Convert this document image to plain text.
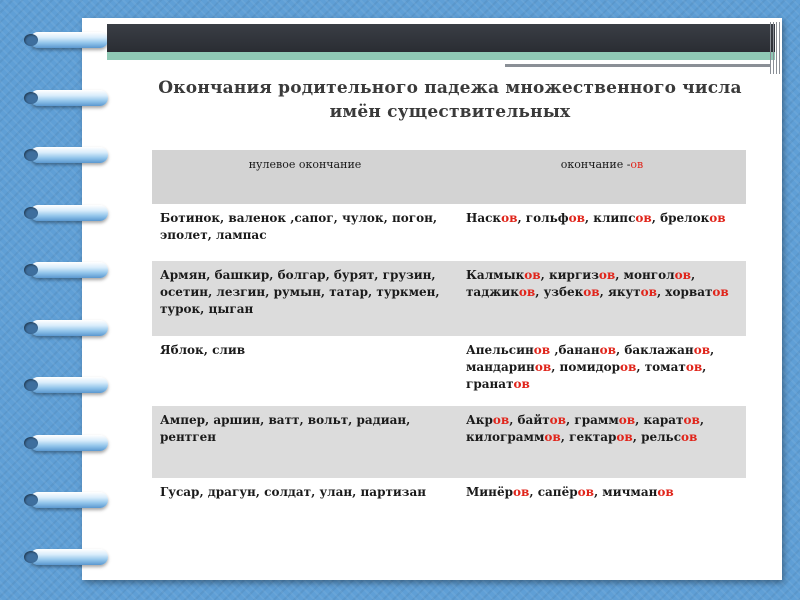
Окончания родительного падежа множественного числа
имён существительных
нулевое окончание	окончание -ов
Ботинок, валенок ,сапог, чулок, погон, эполет, лампас	Насков, гольфов, клипсов, брелоков
Армян, башкир, болгар, бурят, грузин, осетин, лезгин, румын, татар, туркмен, турок, цыган	Калмыков, киргизов, монголов, таджиков, узбеков, якутов, хорватов
Яблок, слив	Апельсинов ,бананов, баклажанов, мандаринов, помидоров, томатов, гранатов
Ампер, аршин, ватт, вольт, радиан, рентген	Акров, байтов, граммов, каратов, килограммов, гектаров, рельсов
Гусар, драгун, солдат, улан, партизан	Минёров, сапёров, мичманов
